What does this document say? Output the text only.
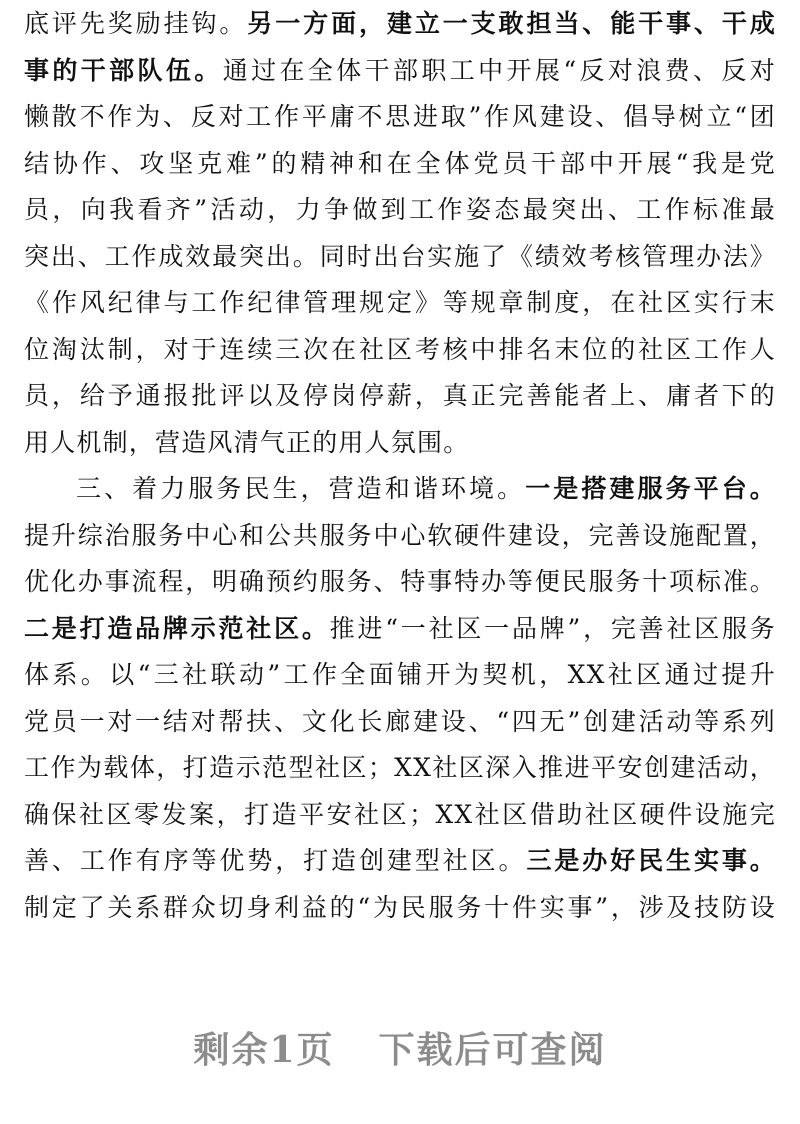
底评先奖励挂钩。另一方面，建立一支敢担当、能干事、干成
事的干部队伍。通过在全体干部职工中开展“反对浪费、反对
懒散不作为、反对工作平庸不思进取”作风建设、倡导树立“团
结协作、攻坚克难”的精神和在全体党员干部中开展“我是党
员，向我看齐”活动，力争做到工作姿态最突出、工作标准最
突出、工作成效最突出。同时出台实施了《绩效考核管理办法》
《作风纪律与工作纪律管理规定》等规章制度，在社区实行末
位淘汰制，对于连续三次在社区考核中排名末位的社区工作人
员，给予通报批评以及停岗停薪，真正完善能者上、庸者下的
用人机制，营造风清气正的用人氛围。
三、着力服务民生，营造和谐环境。一是搭建服务平台。
提升综治服务中心和公共服务中心软硬件建设，完善设施配置，
优化办事流程，明确预约服务、特事特办等便民服务十项标准。
二是打造品牌示范社区。推进“一社区一品牌”，完善社区服务
体系。以“三社联动”工作全面铺开为契机，XX社区通过提升
党员一对一结对帮扶、文化长廊建设、“四无”创建活动等系列
工作为载体，打造示范型社区；XX社区深入推进平安创建活动，
确保社区零发案，打造平安社区；XX社区借助社区硬件设施完
善、工作有序等优势，打造创建型社区。三是办好民生实事。
制定了关系群众切身利益的“为民服务十件实事”，涉及技防设
剩余1页 下载后可查阅
